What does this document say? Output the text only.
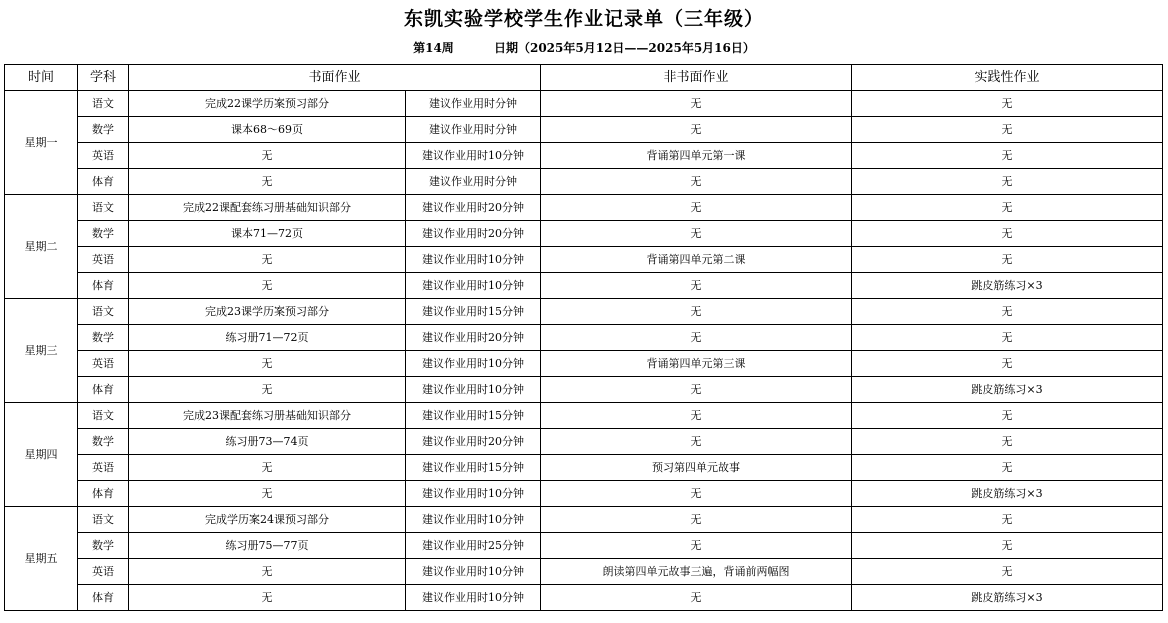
东凯实验学校学生作业记录单（三年级）
第14周	日期（2025年5月12日——2025年5月16日）
时间	学科	书面作业		非书面作业	实践性作业
星期一	语文	完成22课学历案预习部分	建议作业用时分钟	无	无
	数学	课本68～69页	建议作业用时分钟	无	无
	英语	无	建议作业用时10分钟	背诵第四单元第一课	无
	体育	无	建议作业用时分钟	无	无
星期二	语文	完成22课配套练习册基础知识部分	建议作业用时20分钟	无	无
	数学	课本71—72页	建议作业用时20分钟	无	无
	英语	无	建议作业用时10分钟	背诵第四单元第二课	无
	体育	无	建议作业用时10分钟	无	跳皮筋练习×3
星期三	语文	完成23课学历案预习部分	建议作业用时15分钟	无	无
	数学	练习册71—72页	建议作业用时20分钟	无	无
	英语	无	建议作业用时10分钟	背诵第四单元第三课	无
	体育	无	建议作业用时10分钟	无	跳皮筋练习×3
星期四	语文	完成23课配套练习册基础知识部分	建议作业用时15分钟	无	无
	数学	练习册73—74页	建议作业用时20分钟	无	无
	英语	无	建议作业用时15分钟	预习第四单元故事	无
	体育	无	建议作业用时10分钟	无	跳皮筋练习×3
星期五	语文	完成学历案24课预习部分	建议作业用时10分钟	无	无
	数学	练习册75—77页	建议作业用时25分钟	无	无
	英语	无	建议作业用时10分钟	朗读第四单元故事三遍，背诵前两幅图	无
	体育	无	建议作业用时10分钟	无	跳皮筋练习×3
